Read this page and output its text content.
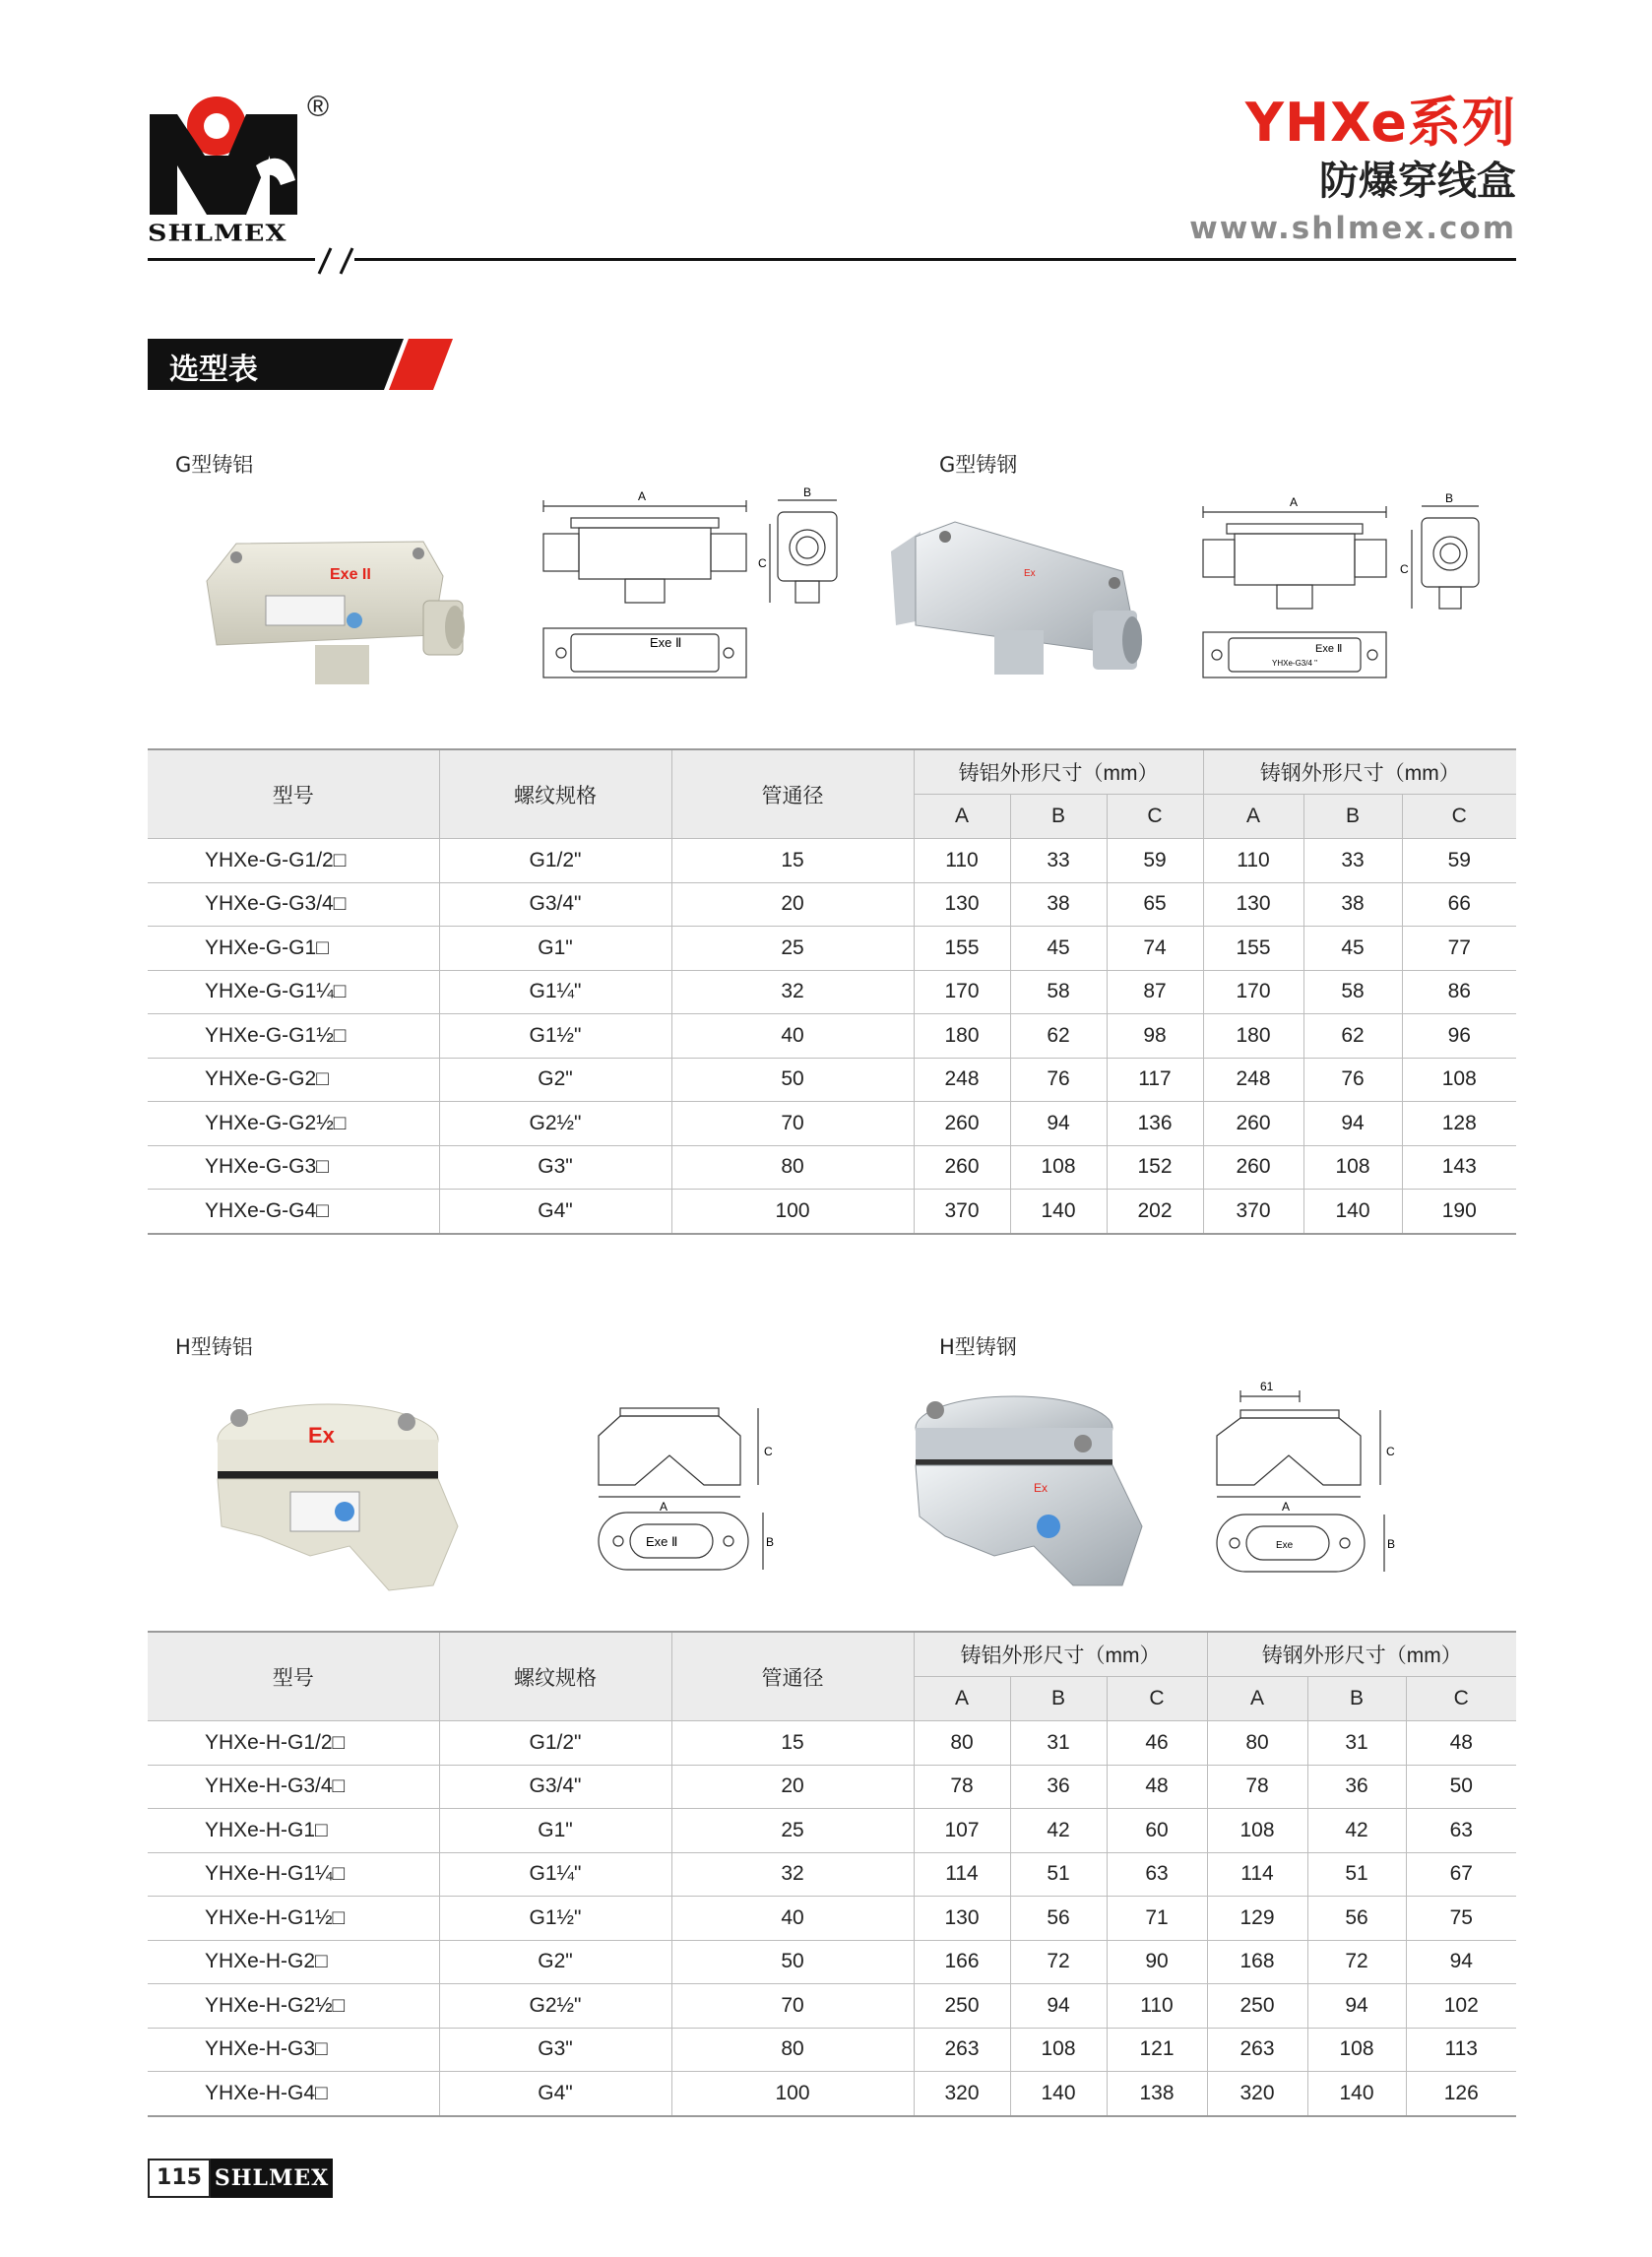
®
SHLMEX
YHXe系列
防爆穿线盒
www.shlmex.com
选型表
G型铸铝	G型铸钢
Exe II
A	B
C
Exe Ⅱ
Ex
A	B
C
Exe Ⅱ
YHXe-G3/4 "
型号	螺纹规格	管通径	铸铝外形尺寸（mm）			铸钢外形尺寸（mm）		
			A	B	C	A	B	C
YHXe-G-G1/2□	G1/2"	15	110	33	59	110	33	59
YHXe-G-G3/4□	G3/4"	20	130	38	65	130	38	66
YHXe-G-G1□	G1"	25	155	45	74	155	45	77
YHXe-G-G1¼□	G1¼"	32	170	58	87	170	58	86
YHXe-G-G1½□	G1½"	40	180	62	98	180	62	96
YHXe-G-G2□	G2"	50	248	76	117	248	76	108
YHXe-G-G2½□	G2½"	70	260	94	136	260	94	128
YHXe-G-G3□	G3"	80	260	108	152	260	108	143
YHXe-G-G4□	G4"	100	370	140	202	370	140	190
H型铸铝	H型铸钢
Ex
A
C
B
Exe Ⅱ
Ex
61
A
C
B
Exe
型号	螺纹规格	管通径	铸铝外形尺寸（mm）			铸钢外形尺寸（mm）		
			A	B	C	A	B	C
YHXe-H-G1/2□	G1/2"	15	80	31	46	80	31	48
YHXe-H-G3/4□	G3/4"	20	78	36	48	78	36	50
YHXe-H-G1□	G1"	25	107	42	60	108	42	63
YHXe-H-G1¼□	G1¼"	32	114	51	63	114	51	67
YHXe-H-G1½□	G1½"	40	130	56	71	129	56	75
YHXe-H-G2□	G2"	50	166	72	90	168	72	94
YHXe-H-G2½□	G2½"	70	250	94	110	250	94	102
YHXe-H-G3□	G3"	80	263	108	121	263	108	113
YHXe-H-G4□	G4"	100	320	140	138	320	140	126
115 SHLMEX
